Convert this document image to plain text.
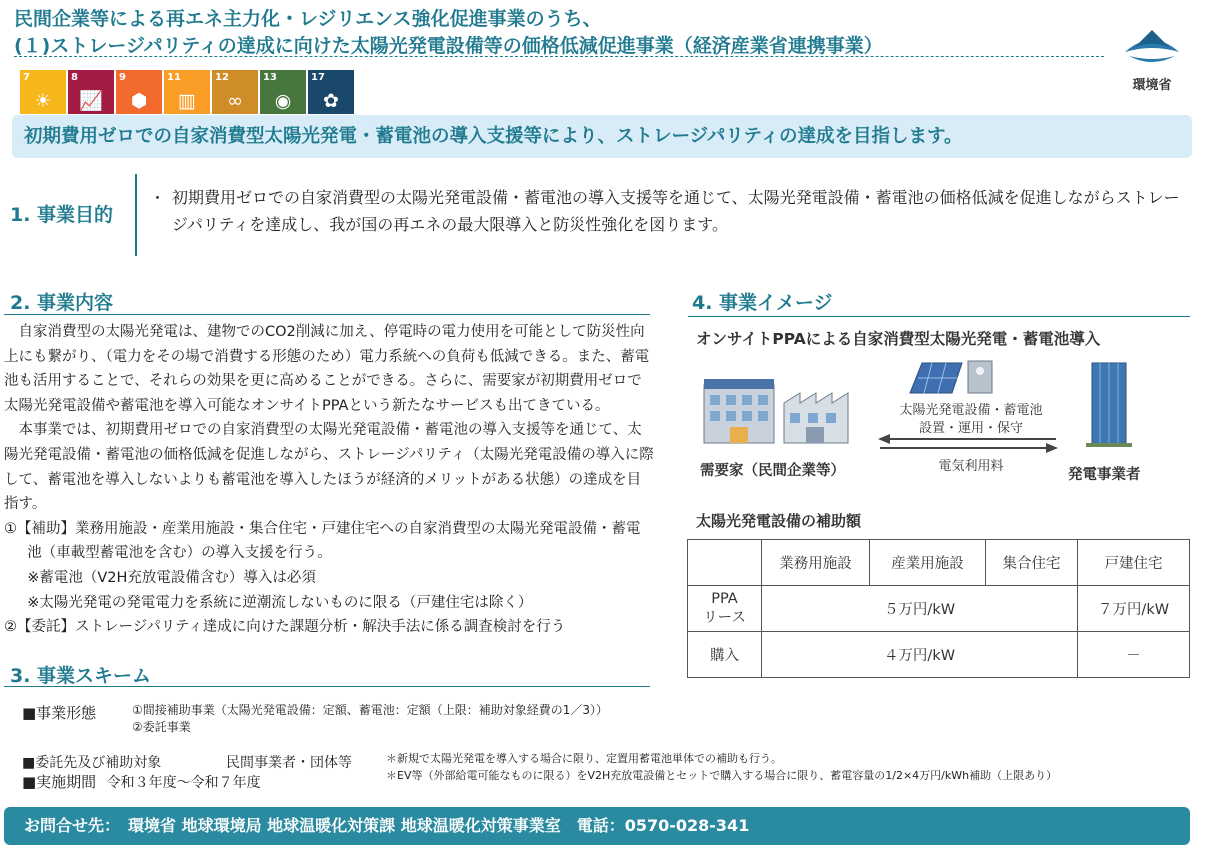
民間企業等による再エネ主力化・レジリエンス強化促進事業のうち、
(１)ストレージパリティの達成に向けた太陽光発電設備等の価格低減促進事業（経済産業省連携事業）
環境省
7
☀
8
📈
9
⬢
11
▥
12
∞
13
◉
17
✿
初期費用ゼロでの自家消費型太陽光発電・蓄電池の導入支援等により、ストレージパリティの達成を目指します。
1. 事業目的
・ 初期費用ゼロでの自家消費型の太陽光発電設備・蓄電池の導入支援等を通じて、太陽光発電設備・蓄電池の価格低減を促進しながらストレージパリティを達成し、我が国の再エネの最大限導入と防災性強化を図ります。
2. 事業内容

自家消費型の太陽光発電は、建物でのCO2削減に加え、停電時の電力使用を可能として防災性向上にも繋がり、（電力をその場で消費する形態のため）電力系統への負荷も低減できる。また、蓄電池も活用することで、それらの効果を更に高めることができる。さらに、需要家が初期費用ゼロで太陽光発電設備や蓄電池を導入可能なオンサイトPPAという新たなサービスも出てきている。

本事業では、初期費用ゼロでの自家消費型の太陽光発電設備・蓄電池の導入支援等を通じて、太陽光発電設備・蓄電池の価格低減を促進しながら、ストレージパリティ（太陽光発電設備の導入に際して、蓄電池を導入しないよりも蓄電池を導入したほうが経済的メリットがある状態）の達成を目指す。

①【補助】業務用施設・産業用施設・集合住宅・戸建住宅への自家消費型の太陽光発電設備・蓄電池（車載型蓄電池を含む）の導入支援を行う。
※蓄電池（V2H充放電設備含む）導入は必須
※太陽光発電の発電電力を系統に逆潮流しないものに限る（戸建住宅は除く）
②【委託】ストレージパリティ達成に向けた課題分析・解決手法に係る調査検討を行う
4. 事業イメージ
オンサイトPPAによる自家消費型太陽光発電・蓄電池導入
太陽光発電設備・蓄電池
設置・運用・保守
電気利用料
需要家（民間企業等）	発電事業者
太陽光発電設備の補助額
	業務用施設	産業用施設	集合住宅	戸建住宅

PPA
リース	５万円/kW			７万円/kW
購入	４万円/kW			－
3. 事業スキーム
■事業形態	①間接補助事業（太陽光発電設備：定額、蓄電池：定額（上限：補助対象経費の1／3））
②委託事業
■委託先及び補助対象	民間事業者・団体等
■実施期間 令和３年度～令和７年度
＊新規で太陽光発電を導入する場合に限り、定置用蓄電池単体での補助も行う。
＊EV等（外部給電可能なものに限る）をV2H充放電設備とセットで購入する場合に限り、蓄電容量の1/2×4万円/kWh補助（上限あり）
お問合せ先：　環境省 地球環境局 地球温暖化対策課 地球温暖化対策事業室　電話：0570-028-341
